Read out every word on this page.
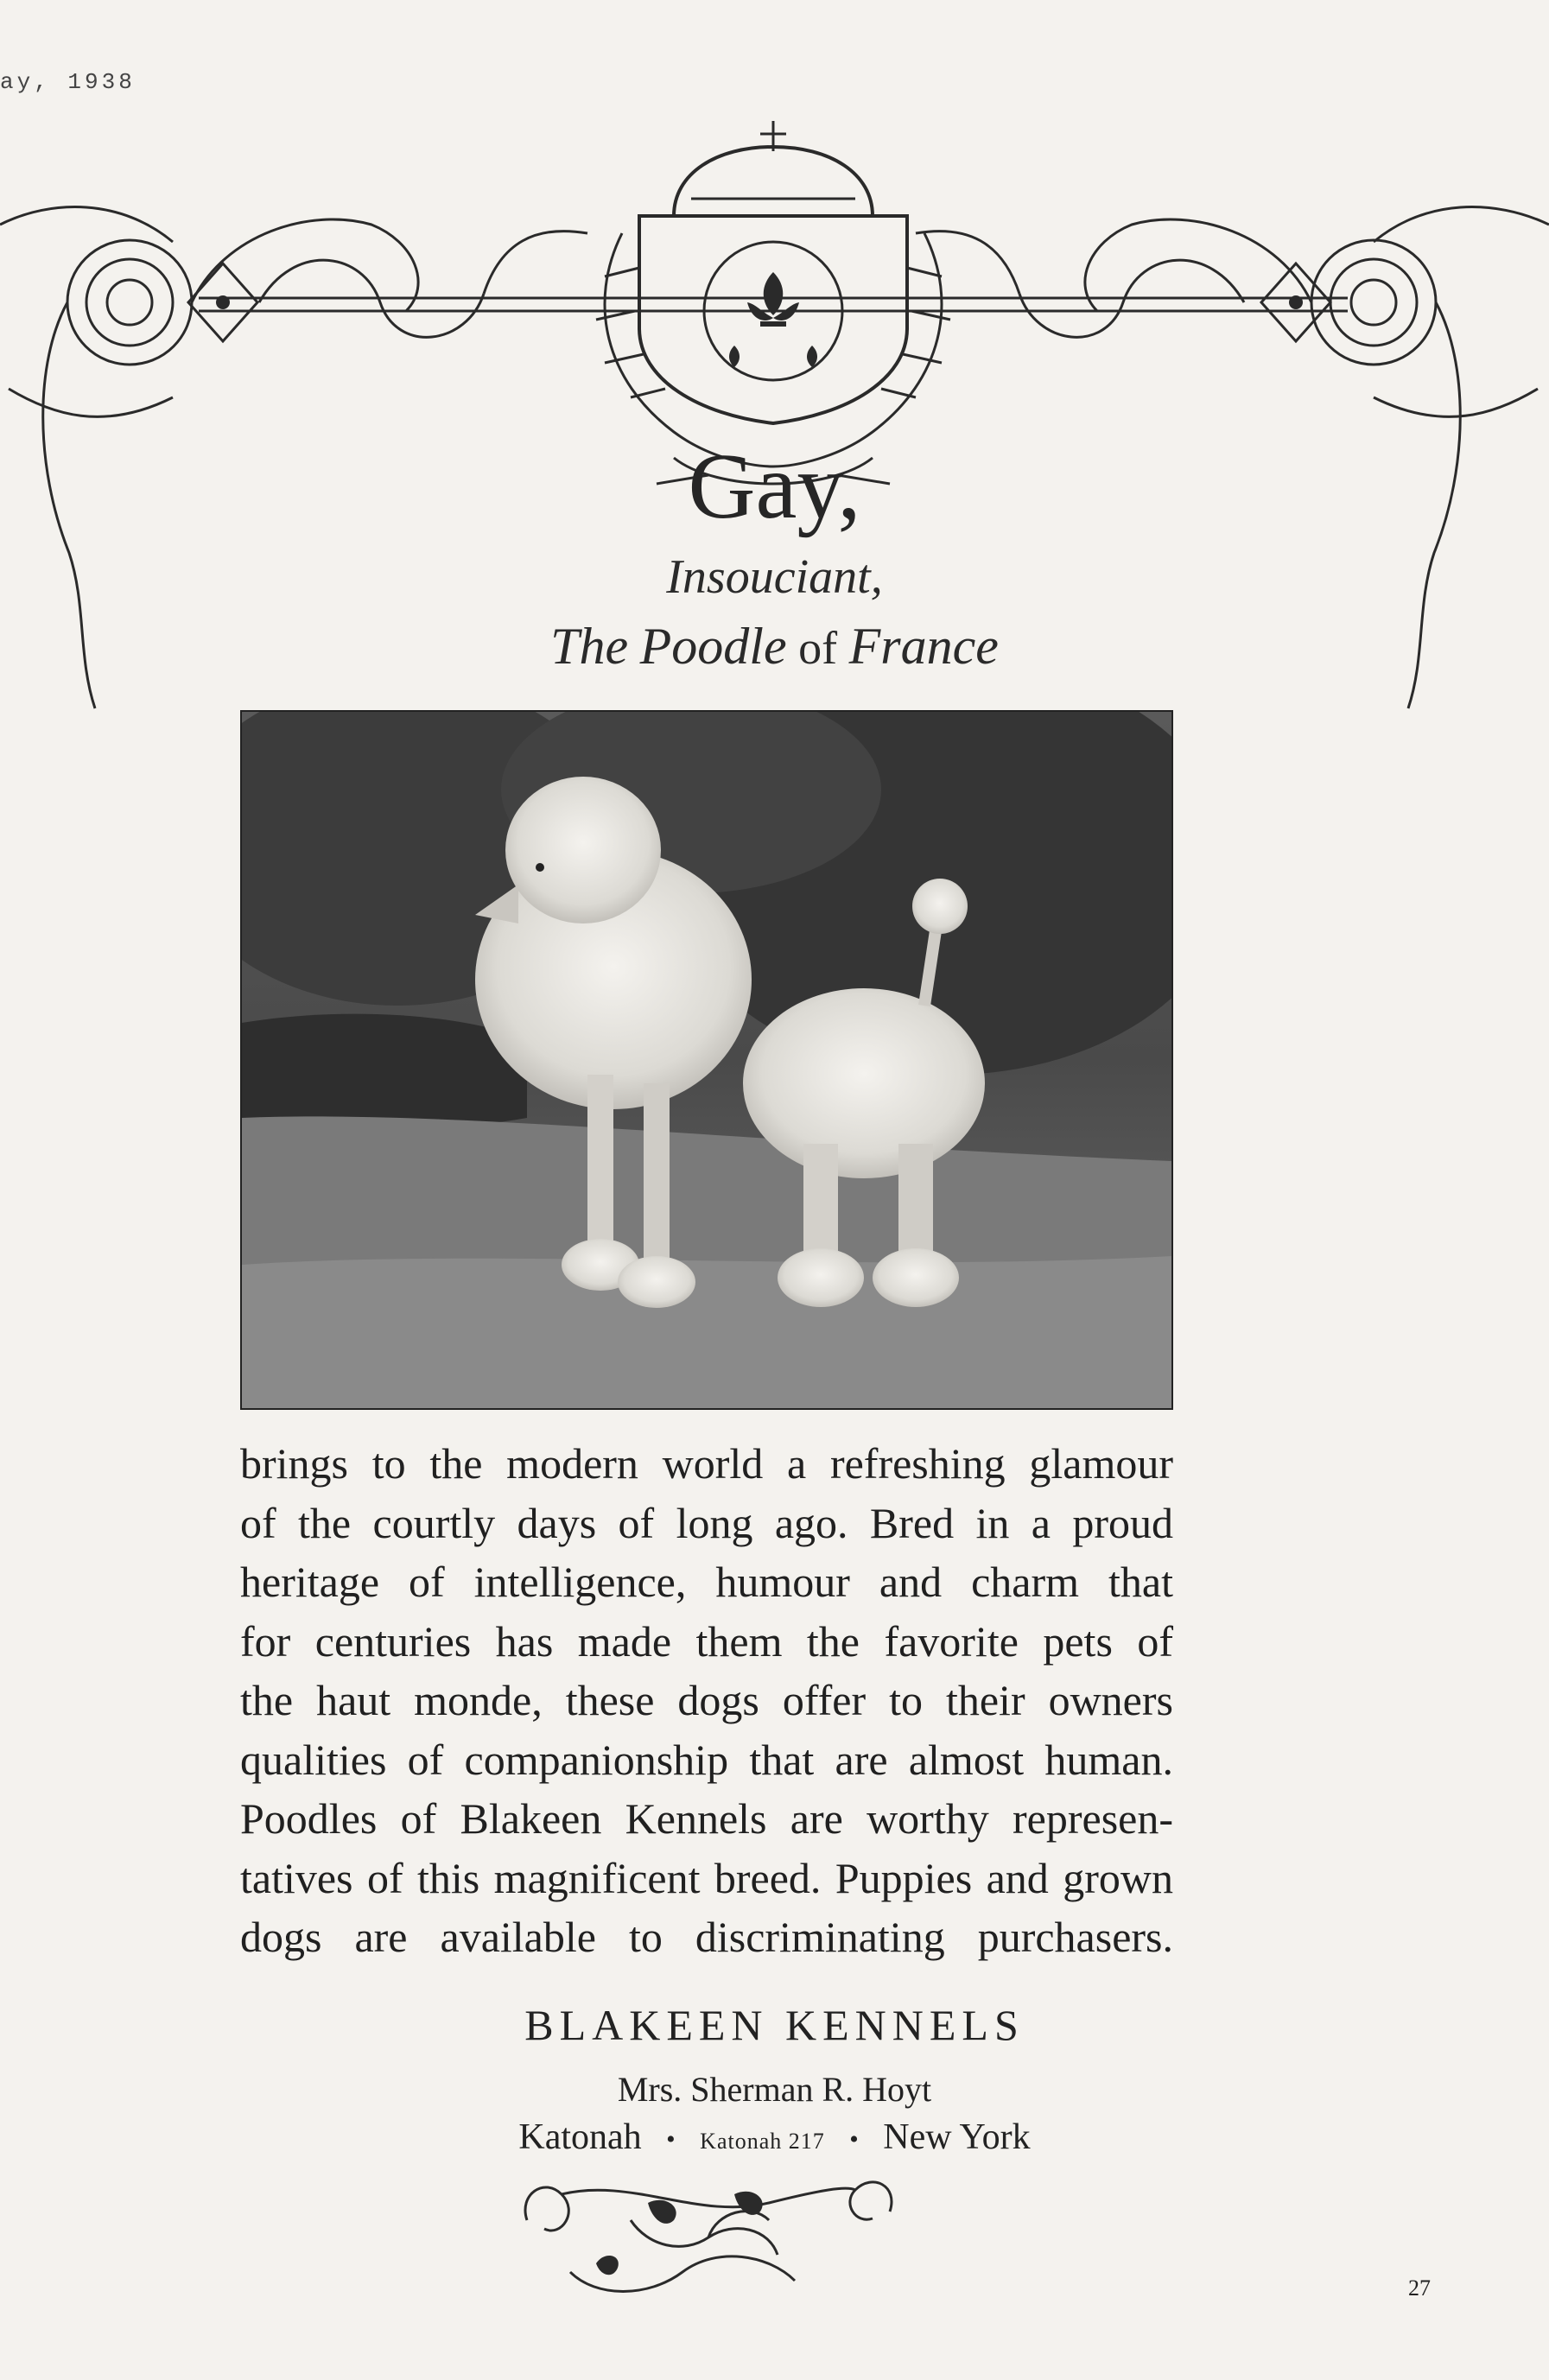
ay, 1938
Gay,
Insouciant,
The Poodle of France
brings to the modern world a refreshing glamour
of the courtly days of long ago. Bred in a proud
heritage of intelligence, humour and charm that
for centuries has made them the favorite pets of
the haut monde, these dogs offer to their owners
qualities of companionship that are almost human.
Poodles of Blakeen Kennels are worthy represen-
tatives of this magnificent breed. Puppies and grown
dogs are available to discriminating purchasers.
BLAKEEN KENNELS
Mrs. Sherman R. Hoyt
Katonah • Katonah 217 • New York
27
